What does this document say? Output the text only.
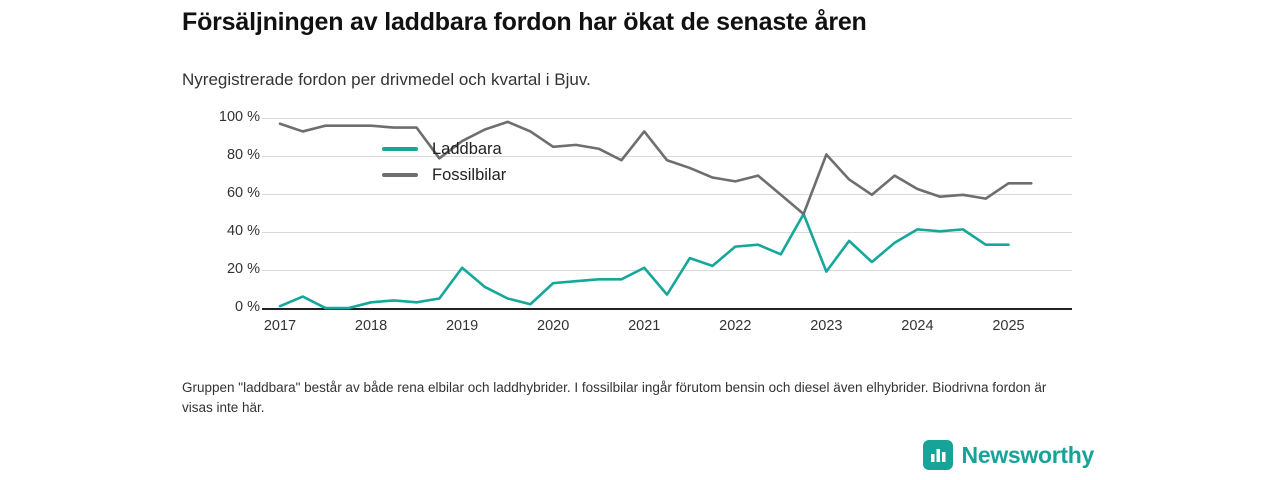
Försäljningen av laddbara fordon har ökat de senaste åren
Nyregistrerade fordon per drivmedel och kvartal i Bjuv.
100 %
80 %
60 %
40 %
20 %
0 %
2017	2018	2019	2020	2021	2022	2023	2024	2025
Laddbara
Fossilbilar
Gruppen "laddbara" består av både rena elbilar och laddhybrider. I fossilbilar ingår förutom bensin och diesel även elhybrider. Biodrivna fordon är visas inte här.
Newsworthy
